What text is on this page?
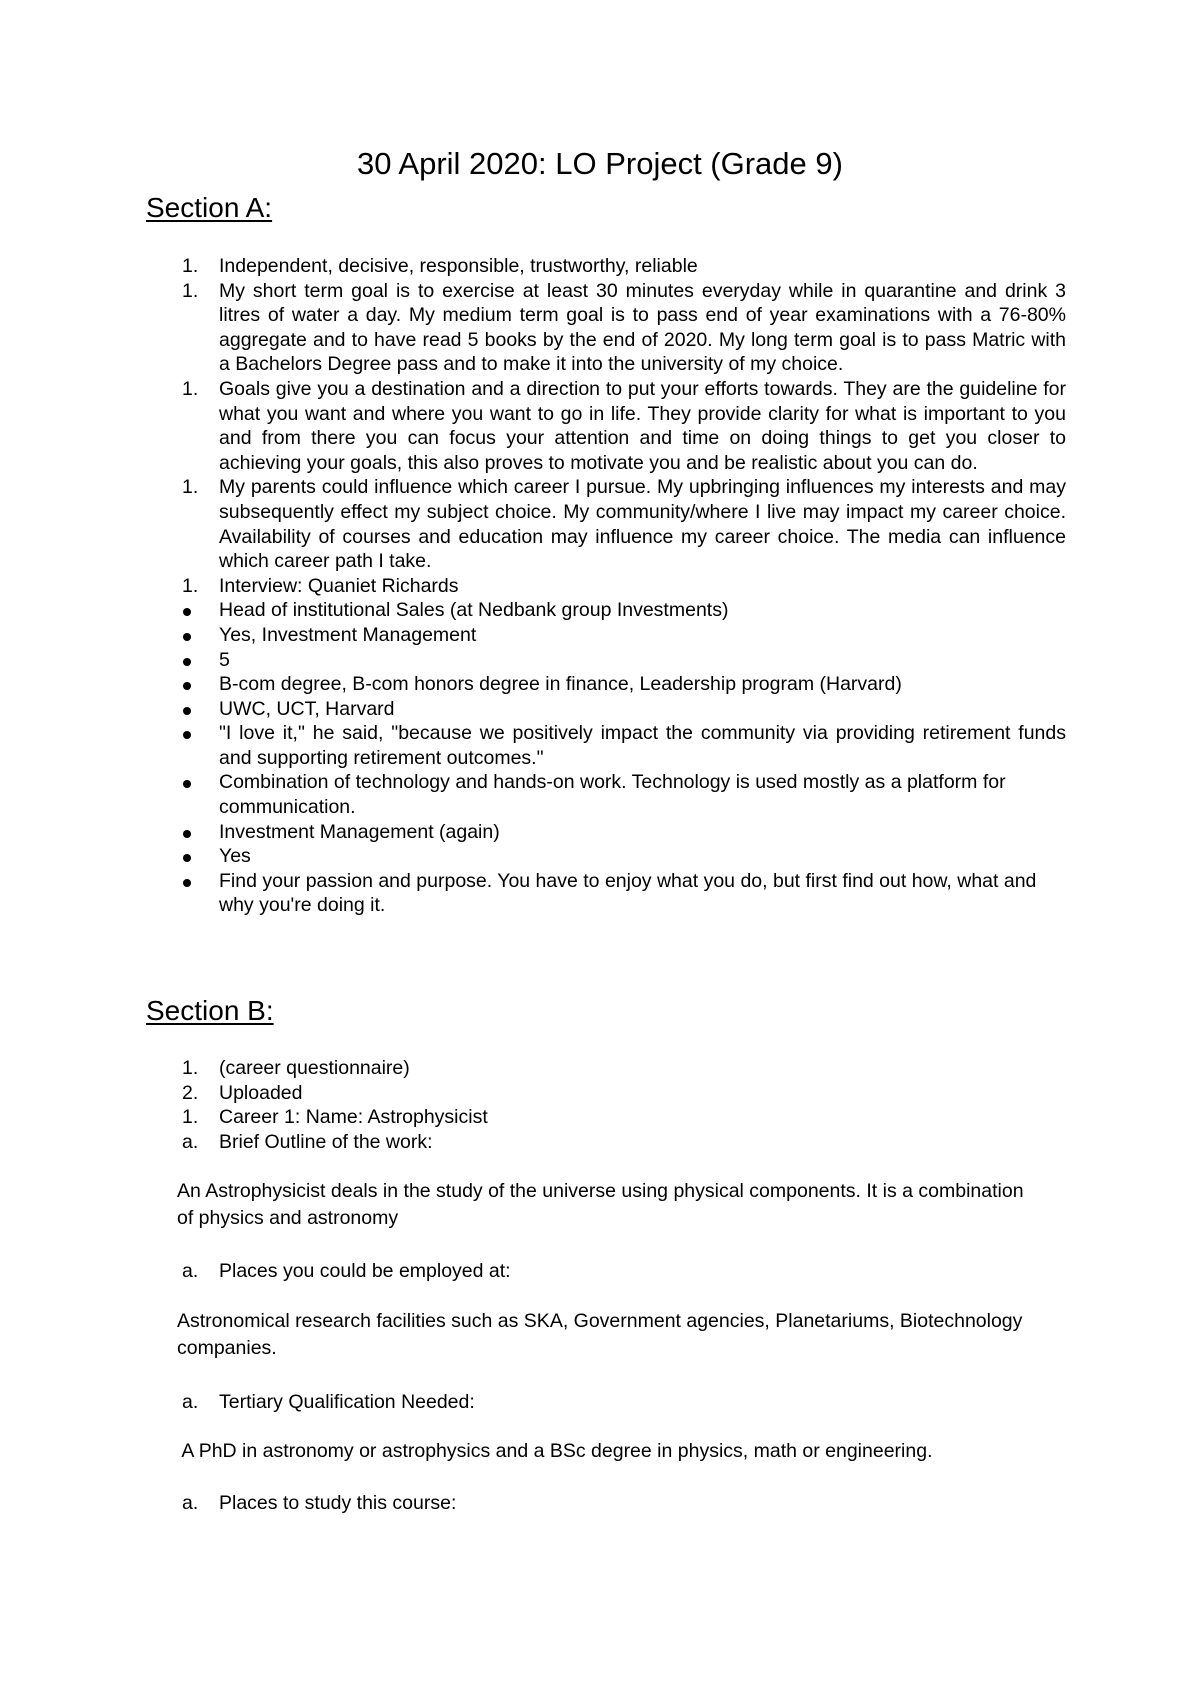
30 April 2020: LO Project (Grade 9)
Section A:
1. Independent, decisive, responsible, trustworthy, reliable
1. My short term goal is to exercise at least 30 minutes everyday while in quarantine and drink 3 litres of water a day. My medium term goal is to pass end of year examinations with a 76-80% aggregate and to have read 5 books by the end of 2020. My long term goal is to pass Matric with a Bachelors Degree pass and to make it into the university of my choice.
1. Goals give you a destination and a direction to put your efforts towards. They are the guideline for what you want and where you want to go in life. They provide clarity for what is important to you and from there you can focus your attention and time on doing things to get you closer to achieving your goals, this also proves to motivate you and be realistic about you can do.
1. My parents could influence which career I pursue. My upbringing influences my interests and may subsequently effect my subject choice. My community/where I live may impact my career choice. Availability of courses and education may influence my career choice. The media can influence which career path I take.
1. Interview: Quaniet Richards
Head of institutional Sales (at Nedbank group Investments)
Yes, Investment Management
5
B-com degree, B-com honors degree in finance, Leadership program (Harvard)
UWC, UCT, Harvard
"I love it," he said, "because we positively impact the community via providing retirement funds and supporting retirement outcomes."
Combination of technology and hands-on work. Technology is used mostly as a platform for communication.
Investment Management (again)
Yes
Find your passion and purpose. You have to enjoy what you do, but first find out how, what and why you're doing it.
Section B:
1. (career questionnaire)
2. Uploaded
1. Career 1: Name: Astrophysicist
a. Brief Outline of the work:

An Astrophysicist deals in the study of the universe using physical components. It is a combination of physics and astronomy

a. Places you could be employed at:

Astronomical research facilities such as SKA, Government agencies, Planetariums, Biotechnology companies.

a. Tertiary Qualification Needed:

A PhD in astronomy or astrophysics and a BSc degree in physics, math or engineering.

a. Places to study this course:
